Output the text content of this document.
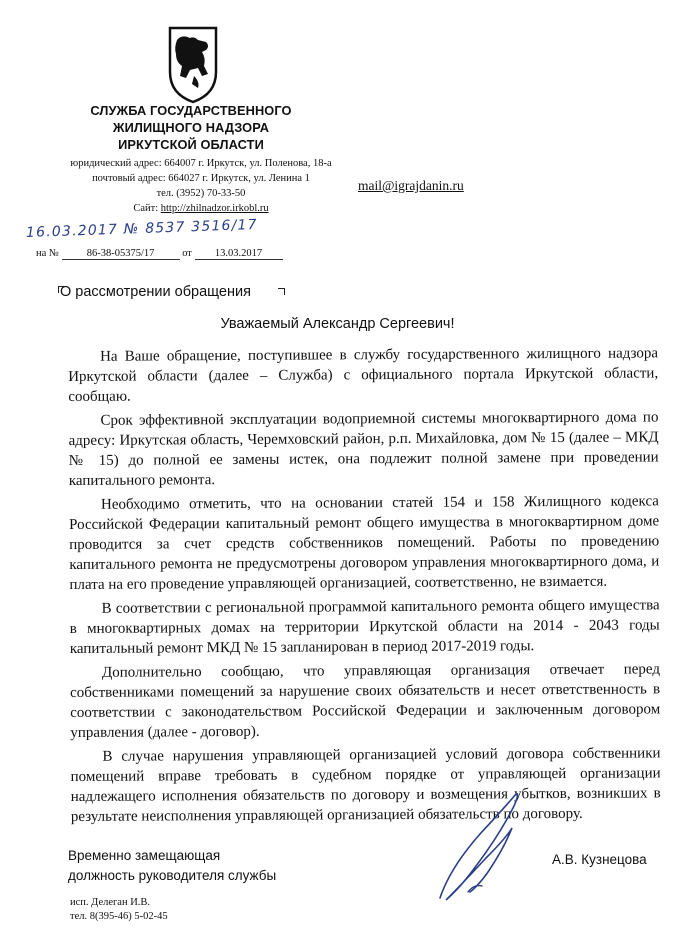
СЛУЖБА ГОСУДАРСТВЕННОГО
ЖИЛИЩНОГО НАДЗОРА
ИРКУТСКОЙ ОБЛАСТИ
юридический адрес: 664007 г. Иркутск, ул. Поленова, 18-а
почтовый адрес: 664027 г. Иркутск, ул. Ленина 1
тел. (3952) 70-33-50
Сайт: http://zhilnadzor.irkobl.ru
mail@igrajdanin.ru
16.03.2017 № 8537 3516/17
на №	86-38-05375/17	от 13.03.2017
О рассмотрении обращения
Уважаемый Александр Сергеевич!

На Ваше обращение, поступившее в службу государственного жилищного надзора Иркутской области (далее – Служба) с официального портала Иркутской области, сообщаю.

Срок эффективной эксплуатации водоприемной системы многоквартирного дома по адресу: Иркутская область, Черемховский район, р.п. Михайловка, дом № 15 (далее – МКД № 15) до полной ее замены истек, она подлежит полной замене при проведении капитального ремонта.

Необходимо отметить, что на основании статей 154 и 158 Жилищного кодекса Российской Федерации капитальный ремонт общего имущества в многоквартирном доме проводится за счет средств собственников помещений. Работы по проведению капитального ремонта не предусмотрены договором управления многоквартирного дома, и плата на его проведение управляющей организацией, соответственно, не взимается.

В соответствии с региональной программой капитального ремонта общего имущества в многоквартирных домах на территории Иркутской области на 2014 - 2043 годы капитальный ремонт МКД № 15 запланирован в период 2017-2019 годы.

Дополнительно сообщаю, что управляющая организация отвечает перед собственниками помещений за нарушение своих обязательств и несет ответственность в соответствии с законодательством Российской Федерации и заключенным договором управления (далее - договор).

В случае нарушения управляющей организацией условий договора собственники помещений вправе требовать в судебном порядке от управляющей организации надлежащего исполнения обязательств по договору и возмещения убытков, возникших в результате неисполнения управляющей организацией обязательств по договору.

Временно замещающая
должность руководителя службы
А.В. Кузнецова
исп. Делеган И.В.
тел. 8(395-46) 5-02-45
